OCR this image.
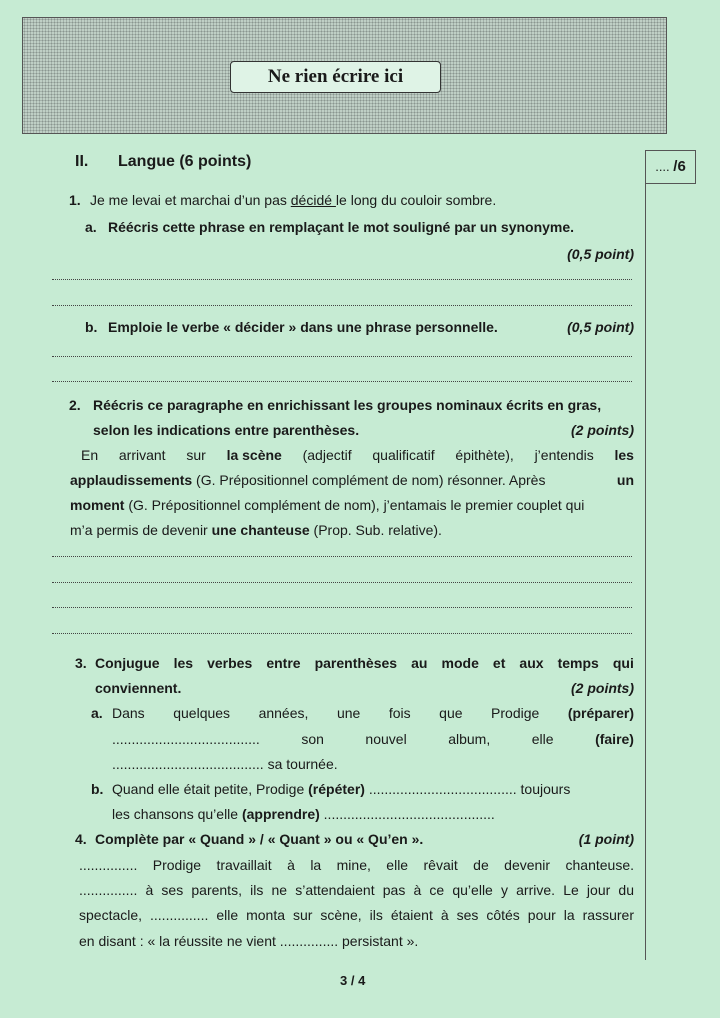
Ne rien écrire ici
.... /6
II. Langue (6 points)
1. Je me levai et marchai d’un pas décidé le long du couloir sombre.
a. Réécris cette phrase en remplaçant le mot souligné par un synonyme.
(0,5 point)
b. Emploie le verbe « décider » dans une phrase personnelle.	(0,5 point)
2. Réécris ce paragraphe en enrichissant les groupes nominaux écrits en gras,
selon les indications entre parenthèses.	(2 points)
En arrivant sur la scène (adjectif qualificatif épithète), j’entendis les
applaudissements (G. Prépositionnel complément de nom) résonner. Après	un
moment (G. Prépositionnel complément de nom), j’entamais le premier couplet qui
m’a permis de devenir une chanteuse (Prop. Sub. relative).
3. Conjugue les verbes entre parenthèses au mode et aux temps qui
conviennent.	(2 points)
a. Dans quelques années, une fois que Prodige (préparer)
......................................	son	nouvel	album,	elle	(faire)
....................................... sa tournée.
b. Quand elle était petite, Prodige (répéter) ...................................... toujours
les chansons qu’elle (apprendre) ............................................
4. Complète par « Quand » / « Quant » ou « Qu’en ».	(1 point)
............... Prodige travaillait à la mine, elle rêvait de devenir chanteuse.
............... à ses parents, ils ne s’attendaient pas à ce qu’elle y arrive. Le jour du
spectacle, ............... elle monta sur scène, ils étaient à ses côtés pour la rassurer
en disant : « la réussite ne vient ............... persistant ».
3 / 4
